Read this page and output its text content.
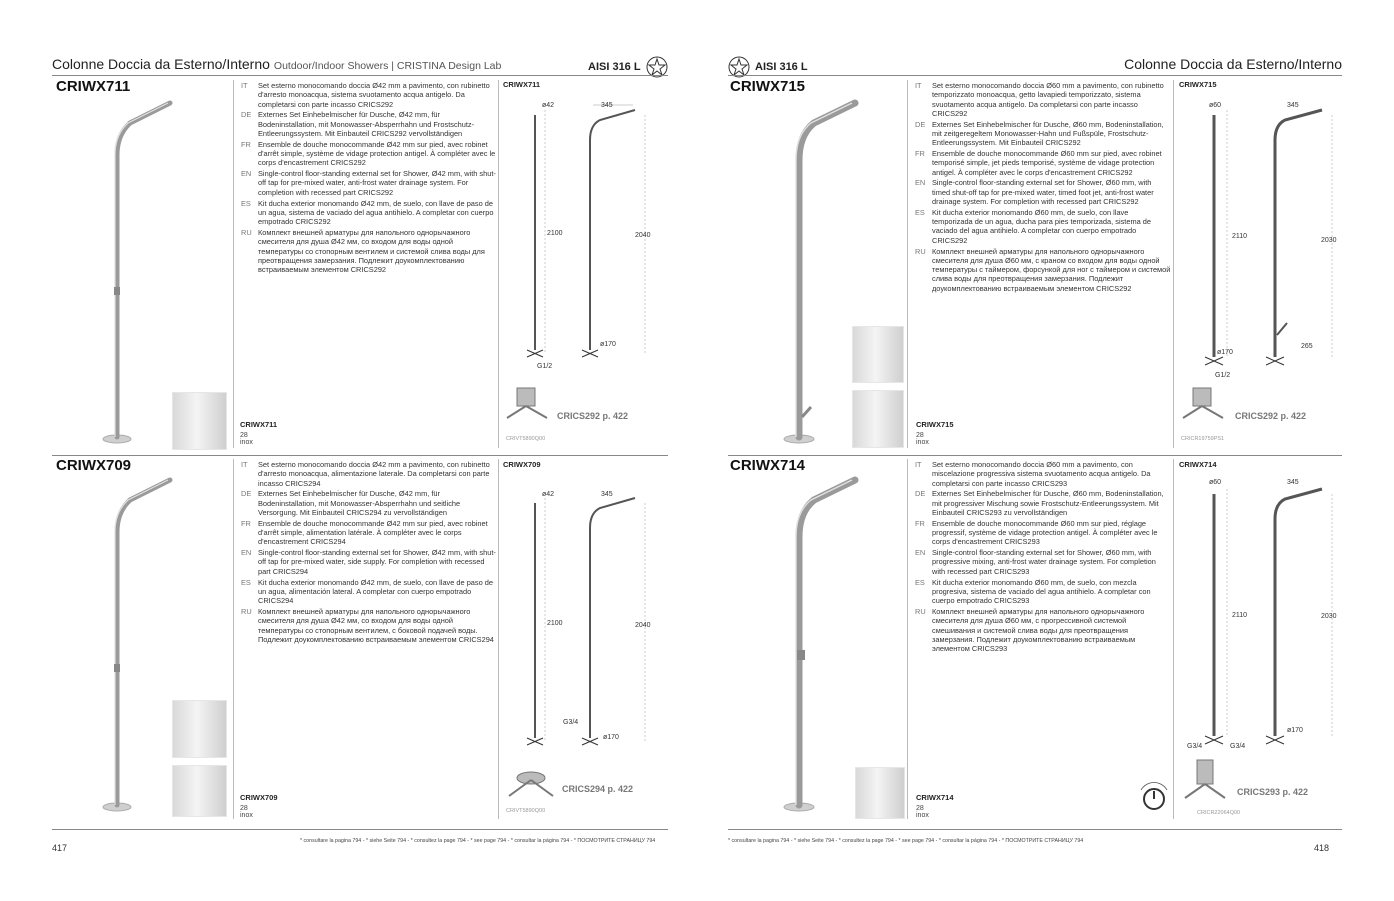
Colonne Doccia da Esterno/Interno Outdoor/Indoor Showers | CRISTINA Design Lab	AISI 316 L
CRIWX711	IT	Set esterno monocomando doccia Ø42 mm a pavimento, con rubinetto d'arresto monoacqua, sistema svuotamento acqua antigelo. Da completarsi con parte incasso CRICS292
DE Externes Set Einhebelmischer für Dusche, Ø42 mm, für Bodeninstallation, mit Monowasser-Absperrhahn und Frostschutz-Entleerungssystem. Mit Einbauteil CRICS292 vervollständigen
FR Ensemble de douche monocommande Ø42 mm sur pied, avec robinet d'arrêt simple, système de vidage protection antigel. À compléter avec le corps d'encastrement CRICS292
EN Single-control floor-standing external set for Shower, Ø42 mm, with shut-off tap for pre-mixed water, anti-frost water drainage system. For completion with recessed part CRICS292
ES Kit ducha exterior monomando Ø42 mm, de suelo, con llave de paso de un agua, sistema de vaciado del agua antihielo. A completar con cuerpo empotrado CRICS292
RU Комплект внешней арматуры для напольного однорычажного смесителя для душа Ø42 мм, со входом для воды одной температуры со стопорным вентилем и системой слива воды для преотвращения замерзания. Подлежит доукомплектованию встраиваемым элементом CRICS292
CRIWX711
28 inox
CRIWX711
ø42	345
2100	2040
ø170
G1/2
CRICS292 p. 422
CRIVT5890Q00
CRIWX709	IT	Set esterno monocomando doccia Ø42 mm a pavimento, con rubinetto d'arresto monoacqua, alimentazione laterale. Da completarsi con parte incasso CRICS294
DE Externes Set Einhebelmischer für Dusche, Ø42 mm, für Bodeninstallation, mit Monowasser-Absperrhahn und seitliche Versorgung. Mit Einbauteil CRICS294 zu vervollständigen
FR Ensemble de douche monocommande Ø42 mm sur pied, avec robinet d'arrêt simple, alimentation latérale. À compléter avec le corps d'encastrement CRICS294
EN Single-control floor-standing external set for Shower, Ø42 mm, with shut-off tap for pre-mixed water, side supply. For completion with recessed part CRICS294
ES Kit ducha exterior monomando Ø42 mm, de suelo, con llave de paso de un agua, alimentación lateral. A completar con cuerpo empotrado CRICS294
RU Комплект внешней арматуры для напольного однорычажного смесителя для душа Ø42 мм, со входом для воды одной температуры со стопорным вентилем, с боковой подачей воды. Подлежит доукомплектованию встраиваемым элементом CRICS294
CRIWX709
28 inox
CRIWX709
ø42	345
2100	2040
ø170
G3/4
CRICS294 p. 422
CRIVT5890Q00
417
* consultare la pagina 794 - * siehe Seite 794 - * consultez la page 794 - * see page 794 - * consultar la página 794 - * ПОСМОТРИТЕ СТРАНИЦУ 794
AISI 316 L	Colonne Doccia da Esterno/Interno
CRIWX715	IT	Set esterno monocomando doccia Ø60 mm a pavimento, con rubinetto temporizzato monoacqua, getto lavapiedi temporizzato, sistema svuotamento acqua antigelo. Da completarsi con parte incasso CRICS292
DE Externes Set Einhebelmischer für Dusche, Ø60 mm, Bodeninstallation, mit zeitgeregeltem Monowasser-Hahn und Fußspüle, Frostschutz-Entleerungssystem. Mit Einbauteil CRICS292
FR Ensemble de douche monocommande Ø60 mm sur pied, avec robinet temporisé simple, jet pieds temporisé, système de vidage protection antigel. À compléter avec le corps d'encastrement CRICS292
EN Single-control floor-standing external set for Shower, Ø60 mm, with timed shut-off tap for pre-mixed water, timed foot jet, anti-frost water drainage system. For completion with recessed part CRICS292
ES Kit ducha exterior monomando Ø60 mm, de suelo, con llave temporizada de un agua, ducha para pies temporizada, sistema de vaciado del agua antihielo. A completar con cuerpo empotrado CRICS292
RU Комплект внешней арматуры для напольного однорычажного смесителя для душа Ø60 мм, с краном со входом для воды одной температуры с таймером, форсункой для ног с таймером и системой слива воды для преотвращения замерзания. Подлежит доукомплектованию встраиваемым элементом CRICS292
CRIWX715
28 inox
CRIWX715
ø60	345
2110
2030
ø170
G1/2
265
CRICS292 p. 422
CRICR19759PS1
CRIWX714	IT	Set esterno monocomando doccia Ø60 mm a pavimento, con miscelazione progressiva sistema svuotamento acqua antigelo. Da completarsi con parte incasso CRICS293
DE Externes Set Einhebelmischer für Dusche, Ø60 mm, Bodeninstallation, mit progressiver Mischung sowie Frostschutz-Entleerungssystem. Mit Einbauteil CRICS293 zu vervollständigen
FR Ensemble de douche monocommande Ø60 mm sur pied, réglage progressif, système de vidage protection antigel. À compléter avec le corps d'encastrement CRICS293
EN Single-control floor-standing external set for Shower, Ø60 mm, with progressive mixing, anti-frost water drainage system. For completion with recessed part CRICS293
ES Kit ducha exterior monomando Ø60 mm, de suelo, con mezcla progresiva, sistema de vaciado del agua antihielo. A completar con cuerpo empotrado CRICS293
RU Комплект внешней арматуры для напольного однорычажного смесителя для душа Ø60 мм, с прогрессивной системой смешивания и системой слива воды для преотвращения замерзания. Подлежит доукомплектованию встраиваемым элементом CRICS293
CRIWX714
28 inox
CRIWX714
ø60	345
2110	2030
ø170
G3/4	G3/4
CRICS293 p. 422
CRICR22064Q00
* consultare la pagina 794 - * siehe Seite 794 - * consultez la page 794 - * see page 794 - * consultar la página 794 - * ПОСМОТРИТЕ СТРАНИЦУ 794
418
